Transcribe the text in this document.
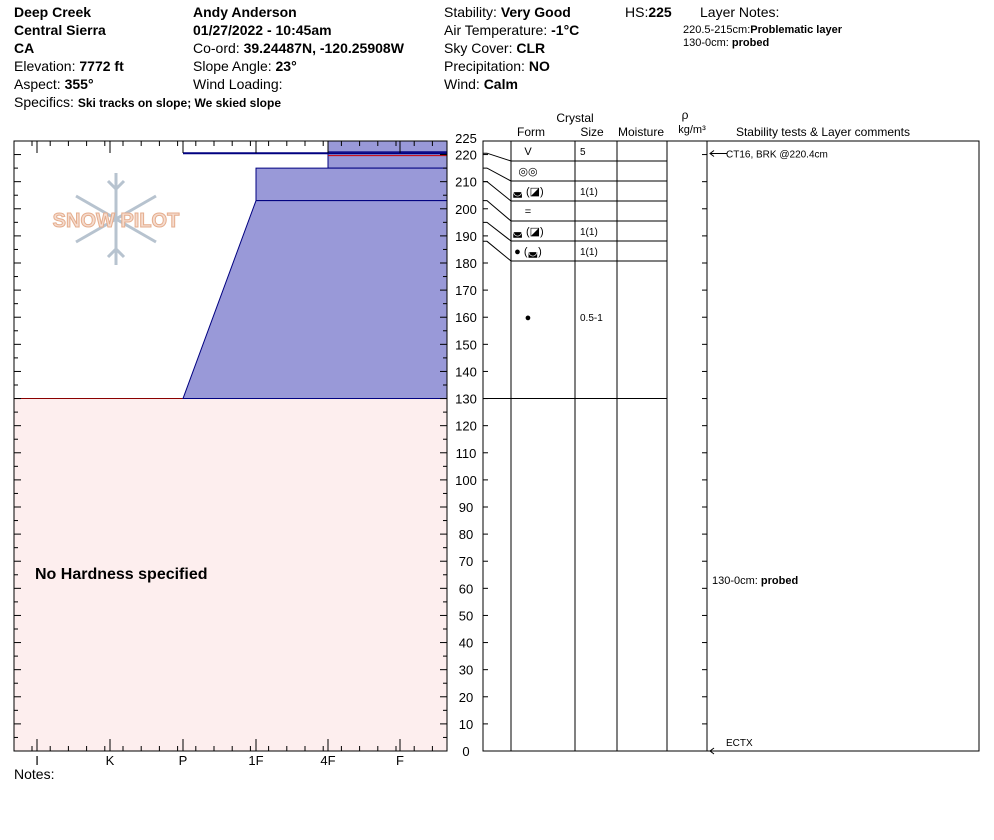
Deep Creek
Central Sierra
CA
Elevation: 7772 ft
Aspect: 355°
Specifics: Ski tracks on slope; We skied slope
Andy Anderson
01/27/2022 - 10:45am
Co-ord: 39.24487N, -120.25908W
Slope Angle: 23°
Wind Loading:
Stability: Very Good
Air Temperature: -1°C
Sky Cover: CLR
Precipitation: NO
Wind: Calm
HS:225 Layer Notes:
220.5-215cm:Problematic layer
130-0cm: probed
Notes:
Crystal
Form	Size Moisture
ρ
kg/m³	Stability tests & Layer comments
SNOW PILOT
I	K	P	1F	4F	F
0
10
20
30
40
50
60
70
80
90
100
110
120
130
140
150
160
170
180
190
200
210
220
225
V	5
◎◎
◛ (◪)	1(1)
=
◛ (◪)	1(1)
● (◛)	1(1)
●	0.5-1
CT16, BRK @220.4cm
ECTX
130-0cm: probed
No Hardness specified
